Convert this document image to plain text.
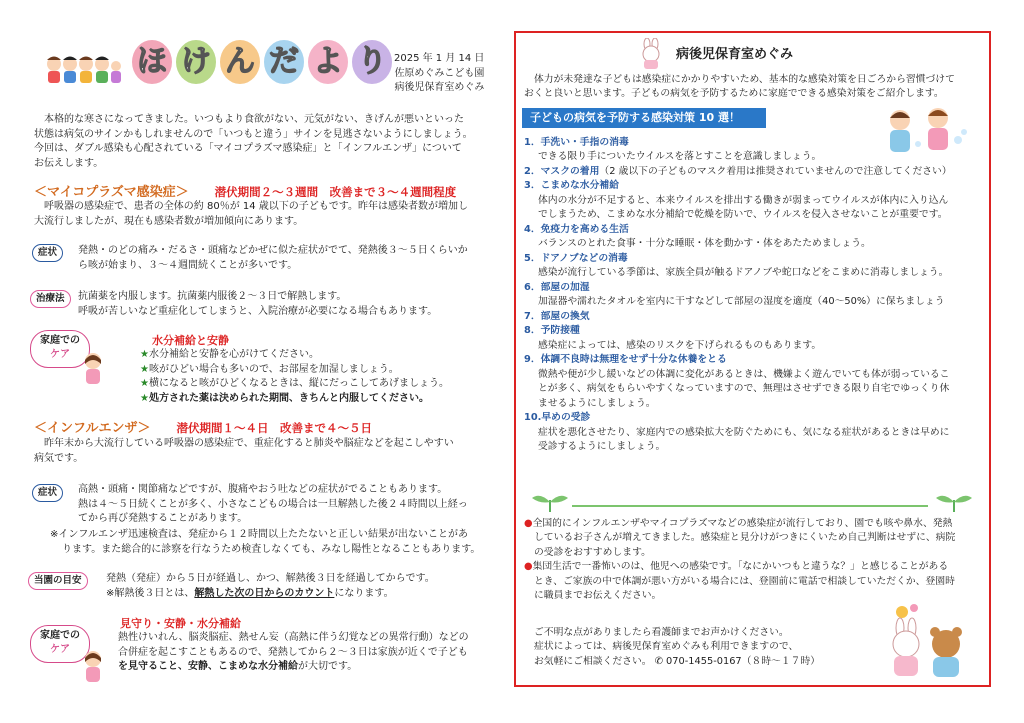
ほ け ん だ よ り 2025 年 1 月 14 日
佐原めぐみこども園
病後児保育室めぐみ
本格的な寒さになってきました。いつもより食欲がない、元気がない、きげんが悪いといった
状態は病気のサインかもしれませんので「いつもと違う」サインを見逃さないようにしましょう。
今回は、ダブル感染も心配されている「マイコプラズマ感染症」と「インフルエンザ」について
お伝えします。
＜マイコプラズマ感染症＞ 潜伏期間２～３週間　改善まで３～４週間程度
呼吸器の感染症で、患者の全体の約 80％が 14 歳以下の子どもです。昨年は感染者数が増加し
大流行しましたが、現在も感染者数が増加傾向にあります。
症状	発熱・のどの痛み・だるさ・頭痛などかぜに似た症状がでて、発熱後３～５日くらいか
ら咳が始まり、３～４週間続くことが多いです。
治療法	抗菌薬を内服します。抗菌薬内服後２～３日で解熱します。
呼吸が苦しいなど重症化してしまうと、入院治療が必要になる場合もあります。
家庭での
ケア
水分補給と安静
★水分補給と安静を心がけてください。
★咳がひどい場合も多いので、お部屋を加湿しましょう。
★横になると咳がひどくなるときは、縦にだっこしてあげましょう。
★処方された薬は決められた期間、きちんと内服してください。
＜インフルエンザ＞ 潜伏期間１～４日　改善まで４～５日
昨年末から大流行している呼吸器の感染症で、重症化すると肺炎や脳症などを起こしやすい
病気です。
症状	高熱・頭痛・関節痛などですが、腹痛やおう吐などの症状がでることもあります。
熱は４～５日続くことが多く、小さなこどもの場合は一旦解熱した後２４時間以上経っ
てから再び発熱することがあります。
※インフルエンザ迅速検査は、発症から１２時間以上たたないと正しい結果が出ないことがあ
ります。また総合的に診察を行なうため検査しなくても、みなし陽性となることもあります。
当園の目安	発熱（発症）から５日が経過し、かつ、解熱後３日を経過してからです。
※解熱後３日とは、解熱した次の日からのカウントになります。
家庭での
ケア
見守り・安静・水分補給
熱性けいれん、脳炎脳症、熱せん妄（高熱に伴う幻覚などの異常行動）などの
合併症を起こすこともあるので、発熱してから２～３日は家族が近くで子ども
を見守ること、安静、こまめな水分補給が大切です。
病後児保育室めぐみ
体力が未発達な子どもは感染症にかかりやすいため、基本的な感染対策を日ごろから習慣づけて
おくと良いと思います。子どもの病気を予防するために家庭でできる感染対策をご紹介します。
子どもの病気を予防する感染対策 10 選！
1．手洗い・手指の消毒
できる限り手についたウイルスを落とすことを意識しましょう。
2．マスクの着用（2 歳以下の子どものマスク着用は推奨されていませんので注意してください）
3．こまめな水分補給
体内の水分が不足すると、本来ウイルスを排出する働きが弱まってウイルスが体内に入り込ん
でしまうため、こまめな水分補給で乾燥を防いで、ウイルスを侵入させないことが重要です。
4．免疫力を高める生活
バランスのとれた食事・十分な睡眠・体を動かす・体をあたためましょう。
5．ドアノブなどの消毒
感染が流行している季節は、家族全員が触るドアノブや蛇口などをこまめに消毒しましょう。
6．部屋の加湿
加湿器や濡れたタオルを室内に干すなどして部屋の湿度を適度（40～50%）に保ちましょう
7．部屋の換気
8．予防接種
感染症によっては、感染のリスクを下げられるものもあります。
9．体調不良時は無理をせず十分な休養をとる
微熱や便が少し緩いなどの体調に変化があるときは、機嫌よく遊んでいても体が弱っているこ
とが多く、病気をもらいやすくなっていますので、無理はさせずできる限り自宅でゆっくり休
ませるようにしましょう。
10.早めの受診
症状を悪化させたり、家庭内での感染拡大を防ぐためにも、気になる症状があるときは早めに
受診するようにしましょう。
●全国的にインフルエンザやマイコプラズマなどの感染症が流行しており、園でも咳や鼻水、発熱
しているお子さんが増えてきました。感染症と見分けがつきにくいため自己判断はせずに、病院
の受診をおすすめします。
●集団生活で一番怖いのは、他児への感染です。「なにかいつもと違うな？」と感じることがある
とき、ご家族の中で体調が悪い方がいる場合には、登園前に電話で相談していただくか、登園時
に職員までお伝えください。
ご不明な点がありましたら看護師までお声かけください。
症状によっては、病後児保育室めぐみも利用できますので、
お気軽にご相談ください。 ✆ 070-1455-0167（８時～１７時）
